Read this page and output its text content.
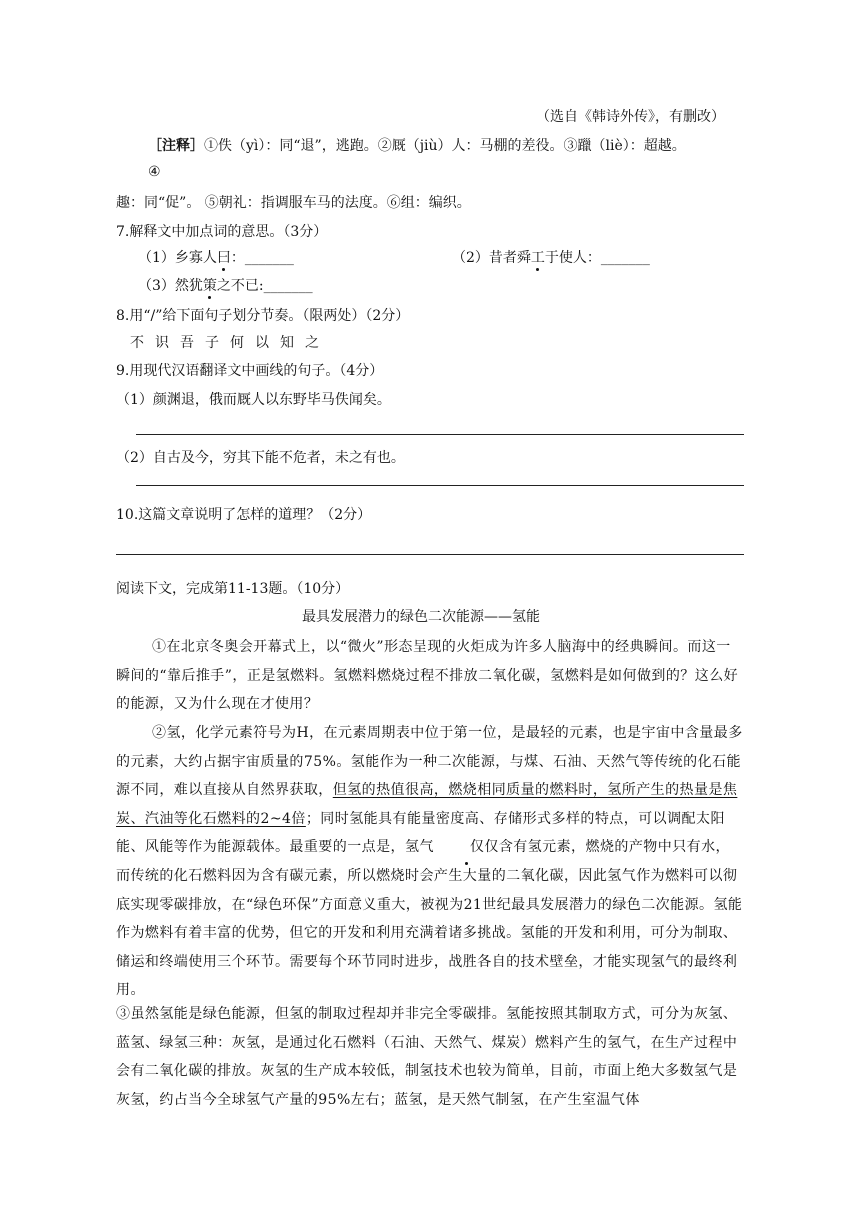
（选自《韩诗外传》，有删改）
［注释］①佚（yì）：同“退”，逃跑。②厩（jiù）人：马棚的差役。③躐（liè）：超越。
④
趣：同“促”。 ⑤朝礼：指调服车马的法度。⑥组：编织。
7.解释文中加点词的意思。（3分）
（1）乡寡人曰：_______	（2）昔者舜工于使人：_______
（3）然犹策之不已:_______
8.用“/”给下面句子划分节奏。（限两处）（2分）
不 识 吾 子 何 以 知 之
9.用现代汉语翻译文中画线的句子。（4分）
（1）颜渊退，俄而厩人以东野毕马佚闻矣。
（2）自古及今，穷其下能不危者，未之有也。
10.这篇文章说明了怎样的道理？（2分）
阅读下文，完成第11-13题。（10分）
最具发展潜力的绿色二次能源——氢能
①在北京冬奥会开幕式上，以“微火”形态呈现的火炬成为许多人脑海中的经典瞬间。而这一瞬间的“靠后推手”，正是氢燃料。氢燃料燃烧过程不排放二氧化碳，氢燃料是如何做到的？这么好的能源，又为什么现在才使用？
②氢，化学元素符号为H，在元素周期表中位于第一位，是最轻的元素，也是宇宙中含量最多的元素，大约占据宇宙质量的75%。氢能作为一种二次能源，与煤、石油、天然气等传统的化石能源不同，难以直接从自然界获取，但氢的热值很高，燃烧相同质量的燃料时，氢所产生的热量是焦炭、汽油等化石燃料的2~4倍；同时氢能具有能量密度高、存储形式多样的特点，可以调配太阳能、风能等作为能源载体。最重要的一点是，氢气	仅仅含有氢元素，燃烧的产物中只有水，而传统的化石燃料因为含有碳元素，所以燃烧时会产生大量的二氧化碳，因此氢气作为燃料可以彻底实现零碳排放，在“绿色环保”方面意义重大，被视为21世纪最具发展潜力的绿色二次能源。氢能作为燃料有着丰富的优势，但它的开发和利用充满着诸多挑战。氢能的开发和利用，可分为制取、储运和终端使用三个环节。需要每个环节同时进步，战胜各自的技术壁垒，才能实现氢气的最终利用。
③虽然氢能是绿色能源，但氢的制取过程却并非完全零碳排。氢能按照其制取方式，可分为灰氢、蓝氢、绿氢三种：灰氢，是通过化石燃料（石油、天然气、煤炭）燃料产生的氢气，在生产过程中会有二氧化碳的排放。灰氢的生产成本较低，制氢技术也较为简单，目前，市面上绝大多数氢气是灰氢，约占当今全球氢气产量的95%左右；蓝氢，是天然气制氢，在产生室温气体
